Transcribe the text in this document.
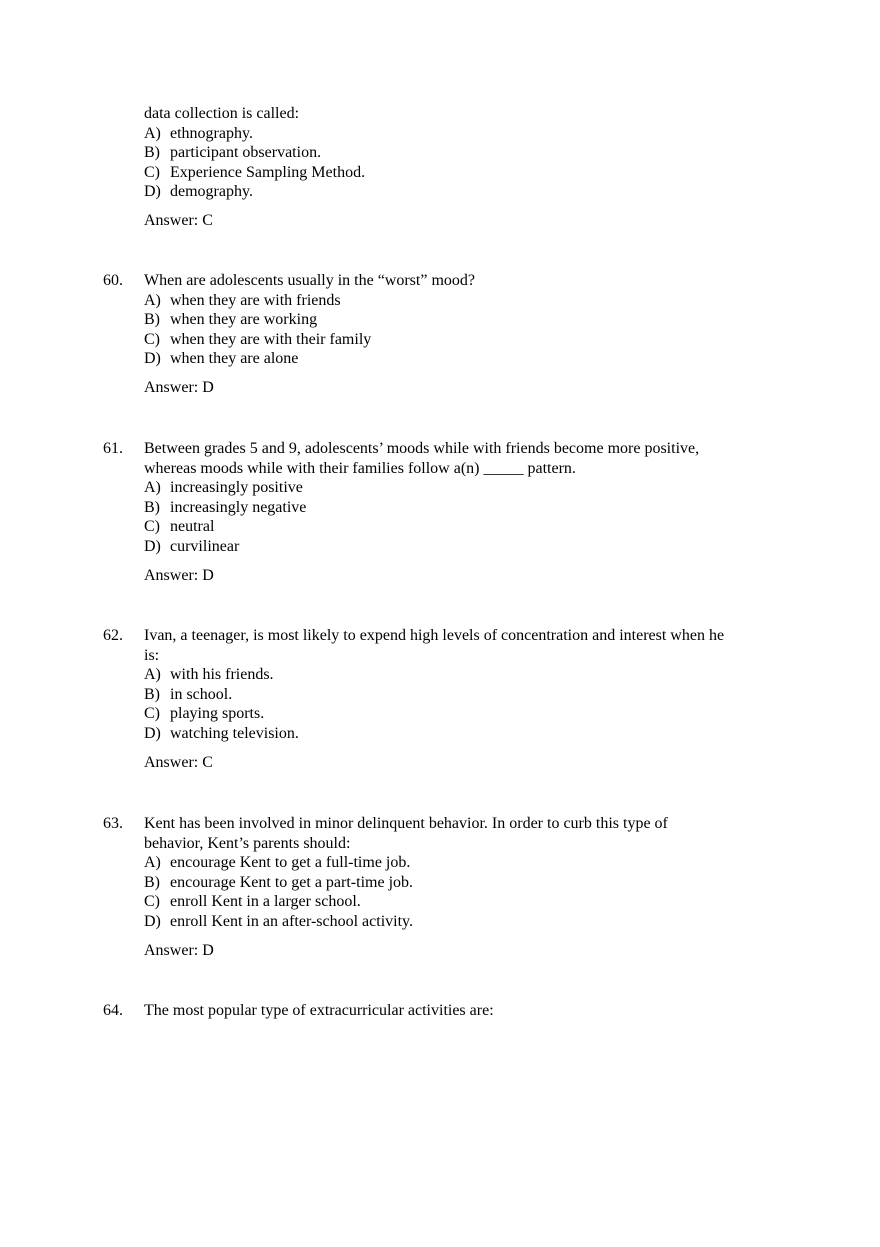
data collection is called:
A) ethnography.
B) participant observation.
C) Experience Sampling Method.
D) demography.
Answer: C
60. When are adolescents usually in the “worst” mood?
A) when they are with friends
B) when they are working
C) when they are with their family
D) when they are alone
Answer: D
61. Between grades 5 and 9, adolescents’ moods while with friends become more positive,
whereas moods while with their families follow a(n) _____ pattern.
A) increasingly positive
B) increasingly negative
C) neutral
D) curvilinear
Answer: D
62. Ivan, a teenager, is most likely to expend high levels of concentration and interest when he
is:
A) with his friends.
B) in school.
C) playing sports.
D) watching television.
Answer: C
63. Kent has been involved in minor delinquent behavior. In order to curb this type of
behavior, Kent’s parents should:
A) encourage Kent to get a full-time job.
B) encourage Kent to get a part-time job.
C) enroll Kent in a larger school.
D) enroll Kent in an after-school activity.
Answer: D
64. The most popular type of extracurricular activities are:
